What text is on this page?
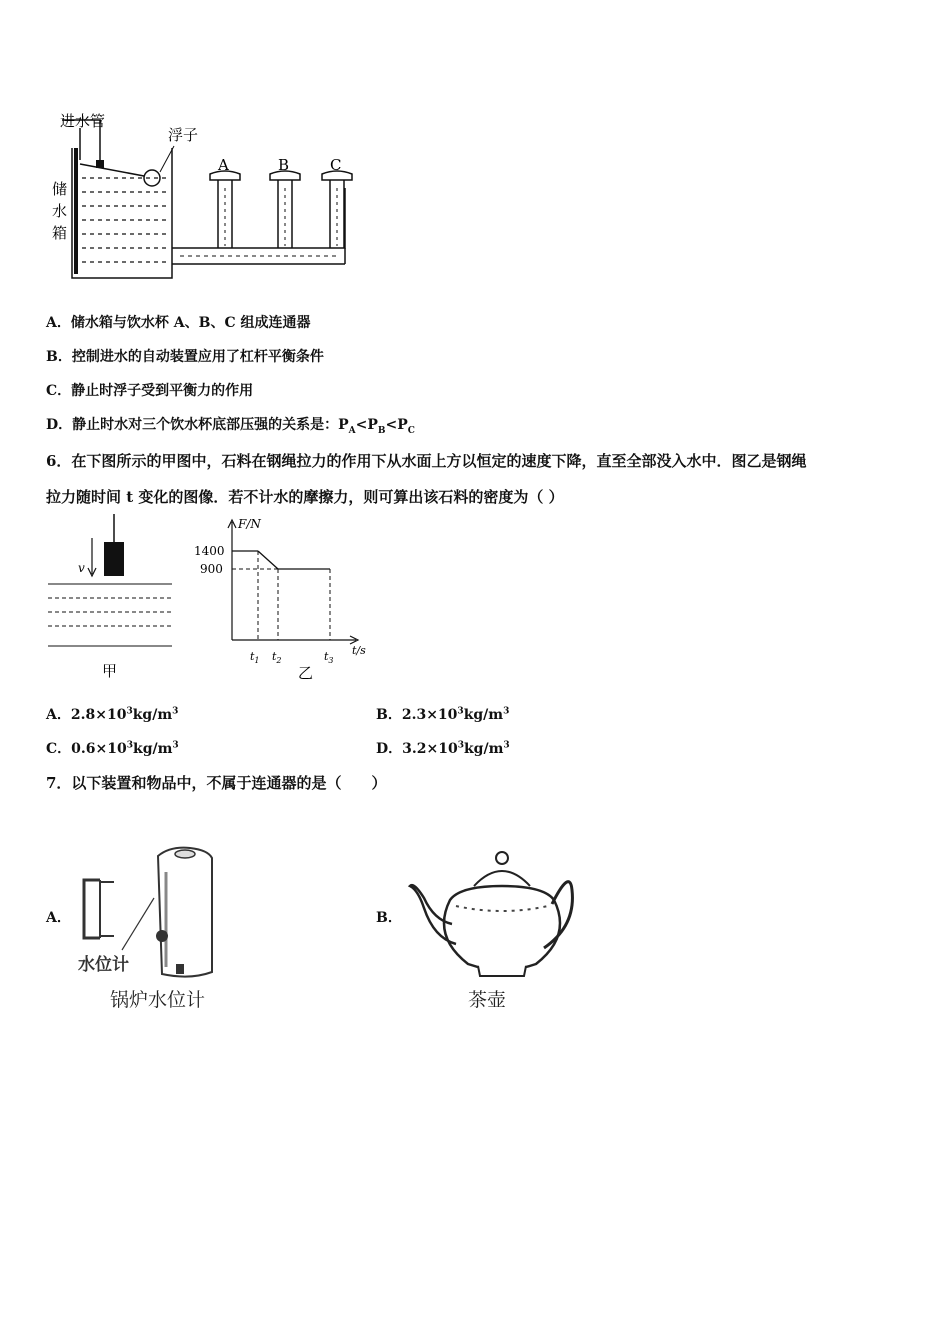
进水管
浮子
储
水
箱
A	B	C
A．储水箱与饮水杯 A、B、C 组成连通器
B．控制进水的自动装置应用了杠杆平衡条件
C．静止时浮子受到平衡力的作用
D．静止时水对三个饮水杯底部压强的关系是：$P_A<P_B<P_C$
6．在下图所示的甲图中，石料在钢绳拉力的作用下从水面上方以恒定的速度下降，直至全部没入水中．图乙是钢绳
拉力随时间 t 变化的图像．若不计水的摩擦力，则可算出该石料的密度为（ ）
v
甲
F/N
t/s
1400
900
$t_1$ $t_2$	$t_3$
乙
A．$2.8\times 10^3kg/m^3$	B．$2.3\times 10^3kg/m^3$
C．$0.6\times 10^3kg/m^3$	D．$3.2\times 10^3kg/m^3$
7．以下装置和物品中，不属于连通器的是（　　）
A．
水位计
锅炉水位计
B．
茶壶
